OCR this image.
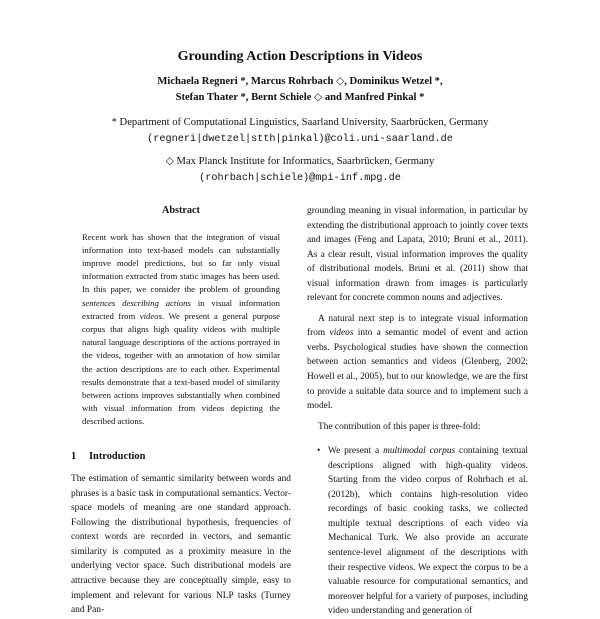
Grounding Action Descriptions in Videos
Michaela Regneri *, Marcus Rohrbach ◇, Dominikus Wetzel *,
Stefan Thater *, Bernt Schiele ◇ and Manfred Pinkal *
* Department of Computational Linguistics, Saarland University, Saarbrücken, Germany
(regneri|dwetzel|stth|pinkal)@coli.uni-saarland.de
◇ Max Planck Institute for Informatics, Saarbrücken, Germany
(rohrbach|schiele)@mpi-inf.mpg.de
Abstract

Recent work has shown that the integration of visual information into text-based models can substantially improve model predictions, but so far only visual information extracted from static images has been used. In this paper, we consider the problem of grounding sentences describing actions in visual information extracted from videos. We present a general purpose corpus that aligns high quality videos with multiple natural language descriptions of the actions portrayed in the videos, together with an annotation of how similar the action descriptions are to each other. Experimental results demonstrate that a text-based model of similarity between actions improves substantially when combined with visual information from videos depicting the described actions.

1 Introduction

The estimation of semantic similarity between words and phrases is a basic task in computational semantics. Vector-space models of meaning are one standard approach. Following the distributional hypothesis, frequencies of context words are recorded in vectors, and semantic similarity is computed as a proximity measure in the underlying vector space. Such distributional models are attractive because they are conceptually simple, easy to implement and relevant for various NLP tasks (Turney and Pan-

grounding meaning in visual information, in particular by extending the distributional approach to jointly cover texts and images (Feng and Lapata, 2010; Bruni et al., 2011). As a clear result, visual information improves the quality of distributional models. Bruni et al. (2011) show that visual information drawn from images is particularly relevant for concrete common nouns and adjectives.

A natural next step is to integrate visual information from videos into a semantic model of event and action verbs. Psychological studies have shown the connection between action semantics and videos (Glenberg, 2002; Howell et al., 2005), but to our knowledge, we are the first to provide a suitable data source and to implement such a model.

The contribution of this paper is three-fold:

• We present a multimodal corpus containing textual descriptions aligned with high-quality videos. Starting from the video corpus of Rohrbach et al. (2012b), which contains high-resolution video recordings of basic cooking tasks, we collected multiple textual descriptions of each video via Mechanical Turk. We also provide an accurate sentence-level alignment of the descriptions with their respective videos. We expect the corpus to be a valuable resource for computational semantics, and moreover helpful for a variety of purposes, including video understanding and generation of
